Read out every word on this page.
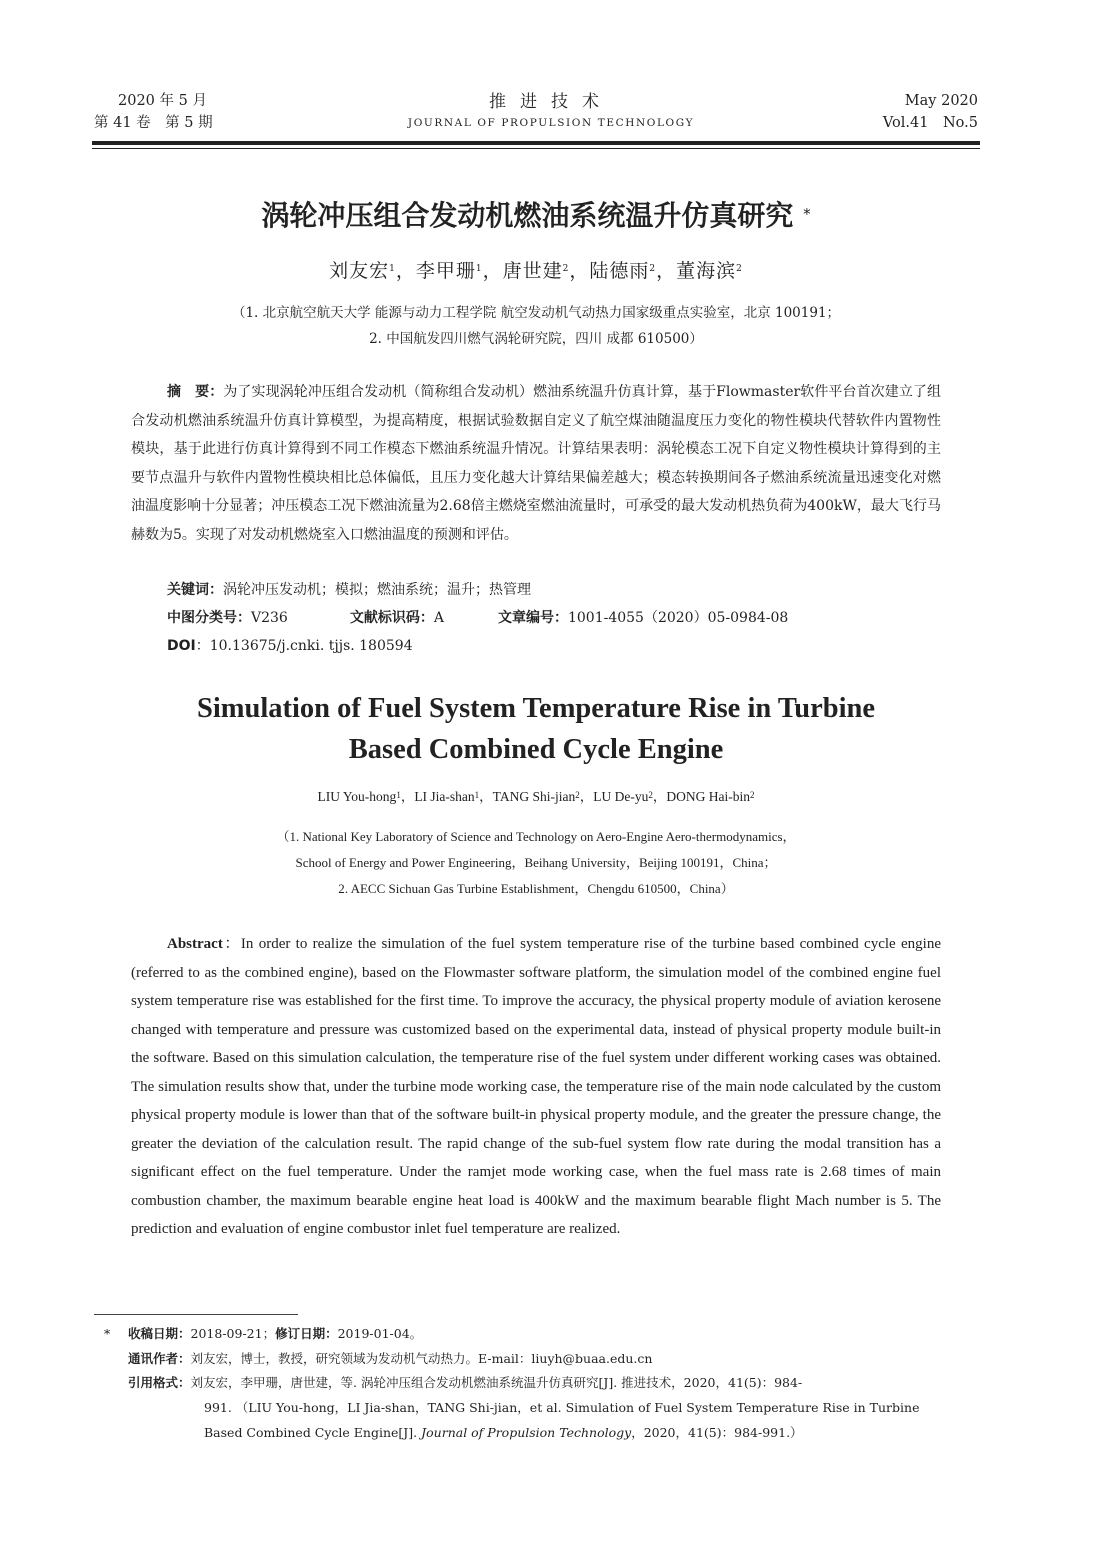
2020 年 5 月
第 41 卷　第 5 期
推进技术
JOURNAL OF PROPULSION TECHNOLOGY
May 2020
Vol.41　No.5
涡轮冲压组合发动机燃油系统温升仿真研究 *
刘友宏$^1$，李甲珊$^1$，唐世建$^2$，陆德雨$^2$，董海滨$^2$
（1. 北京航空航天大学 能源与动力工程学院 航空发动机气动热力国家级重点实验室，北京 100191；
2. 中国航发四川燃气涡轮研究院，四川 成都 610500）
摘　要：为了实现涡轮冲压组合发动机（简称组合发动机）燃油系统温升仿真计算，基于Flowmaster软件平台首次建立了组合发动机燃油系统温升仿真计算模型，为提高精度，根据试验数据自定义了航空煤油随温度压力变化的物性模块代替软件内置物性模块，基于此进行仿真计算得到不同工作模态下燃油系统温升情况。计算结果表明：涡轮模态工况下自定义物性模块计算得到的主要节点温升与软件内置物性模块相比总体偏低，且压力变化越大计算结果偏差越大；模态转换期间各子燃油系统流量迅速变化对燃油温度影响十分显著；冲压模态工况下燃油流量为2.68倍主燃烧室燃油流量时，可承受的最大发动机热负荷为400kW，最大飞行马赫数为5。实现了对发动机燃烧室入口燃油温度的预测和评估。
关键词：涡轮冲压发动机；模拟；燃油系统；温升；热管理
中图分类号：V236	文献标识码：A	文章编号：1001-4055（2020）05-0984-08
DOI：10.13675/j.cnki. tjjs. 180594
Simulation of Fuel System Temperature Rise in Turbine
Based Combined Cycle Engine
LIU You-hong$^1$，LI Jia-shan$^1$，TANG Shi-jian$^2$，LU $De-yu^2$，DONG Hai-bin$^2$
（1. National Key Laboratory of Science and Technology on Aero-Engine Aero-thermodynamics，
School of Energy and Power Engineering，Beihang University，Beijing 100191，China；
2. AECC Sichuan Gas Turbine Establishment，Chengdu 610500，China）
Abstract：In order to realize the simulation of the fuel system temperature rise of the turbine based combined cycle engine (referred to as the combined engine), based on the Flowmaster software platform, the simulation model of the combined engine fuel system temperature rise was established for the first time. To improve the accuracy, the physical property module of aviation kerosene changed with temperature and pressure was customized based on the experimental data, instead of physical property module built-in the software. Based on this simulation calculation, the temperature rise of the fuel system under different working cases was obtained. The simulation results show that, under the turbine mode working case, the temperature rise of the main node calculated by the custom physical property module is lower than that of the software built-in physical property module, and the greater the pressure change, the greater the deviation of the calculation result. The rapid change of the sub-fuel system flow rate during the modal transition has a significant effect on the fuel temperature. Under the ramjet mode working case, when the fuel mass rate is 2.68 times of main combustion chamber, the maximum bearable engine heat load is 400kW and the maximum bearable flight Mach number is 5. The prediction and evaluation of engine combustor inlet fuel temperature are realized.
* 收稿日期：2018-09-21；修订日期：2019-01-04。
通讯作者：刘友宏，博士，教授，研究领域为发动机气动热力。E-mail：liuyh@buaa.edu.cn
引用格式：刘友宏，李甲珊，唐世建，等. 涡轮冲压组合发动机燃油系统温升仿真研究[J]. 推进技术，2020，41(5)：984-
991. （LIU You-hong，LI Jia-shan，TANG Shi-jian，et al. Simulation of Fuel System Temperature Rise in Turbine
Based Combined Cycle Engine[J]. Journal of Propulsion Technology，2020，41(5)：984-991.）
